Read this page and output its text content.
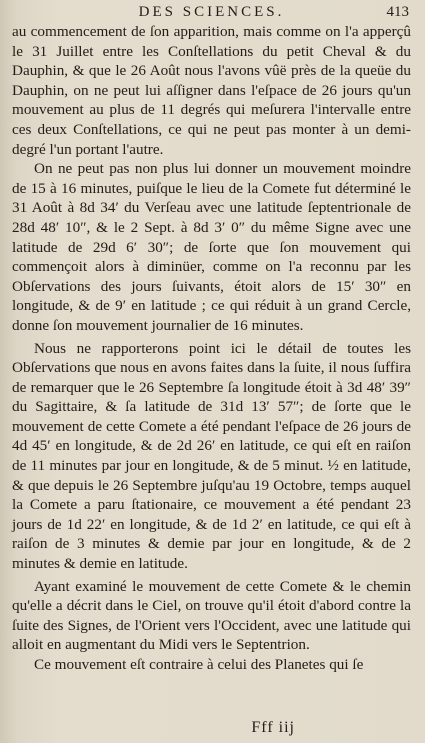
DES SCIENCES.	413

au commencement de ſon apparition, mais comme on l'a apperçû le 31 Juillet entre les Conſtellations du petit Cheval & du Dauphin, & que le 26 Août nous l'avons vûë près de la queüe du Dauphin, on ne peut lui aſſigner dans l'eſpace de 26 jours qu'un mouvement au plus de 11 degrés qui meſurera l'intervalle entre ces deux Conſtellations, ce qui ne peut pas monter à un demi-degré l'un portant l'autre.

On ne peut pas non plus lui donner un mouvement moindre de 15 à 16 minutes, puiſque le lieu de la Comete fut déterminé le 31 Août à 8d 34′ du Verſeau avec une latitude ſeptentrionale de 28d 48′ 10″, & le 2 Sept. à 8d 3′ 0″ du même Signe avec une latitude de 29d 6′ 30″; de ſorte que ſon mouvement qui commençoit alors à diminüer, comme on l'a reconnu par les Obſervations des jours ſuivants, étoit alors de 15′ 30″ en longitude, & de 9′ en latitude ; ce qui réduit à un grand Cercle, donne ſon mouvement journalier de 16 minutes.

Nous ne rapporterons point ici le détail de toutes les Obſervations que nous en avons faites dans la ſuite, il nous ſuffira de remarquer que le 26 Septembre ſa longitude étoit à 3d 48′ 39″ du Sagittaire, & ſa latitude de 31d 13′ 57″; de ſorte que le mouvement de cette Comete a été pendant l'eſpace de 26 jours de 4d 45′ en longitude, & de 2d 26′ en latitude, ce qui eſt en raiſon de 11 minutes par jour en longitude, & de 5 minut. ½ en latitude, & que depuis le 26 Septembre juſqu'au 19 Octobre, temps auquel la Comete a paru ſtationaire, ce mouvement a été pendant 23 jours de 1d 22′ en longitude, & de 1d 2′ en latitude, ce qui eſt à raiſon de 3 minutes & demie par jour en longitude, & de 2 minutes & demie en latitude.

Ayant examiné le mouvement de cette Comete & le chemin qu'elle a décrit dans le Ciel, on trouve qu'il étoit d'abord contre la ſuite des Signes, de l'Orient vers l'Occident, avec une latitude qui alloit en augmentant du Midi vers le Septentrion.

Ce mouvement eſt contraire à celui des Planetes qui ſe

Fff iij
